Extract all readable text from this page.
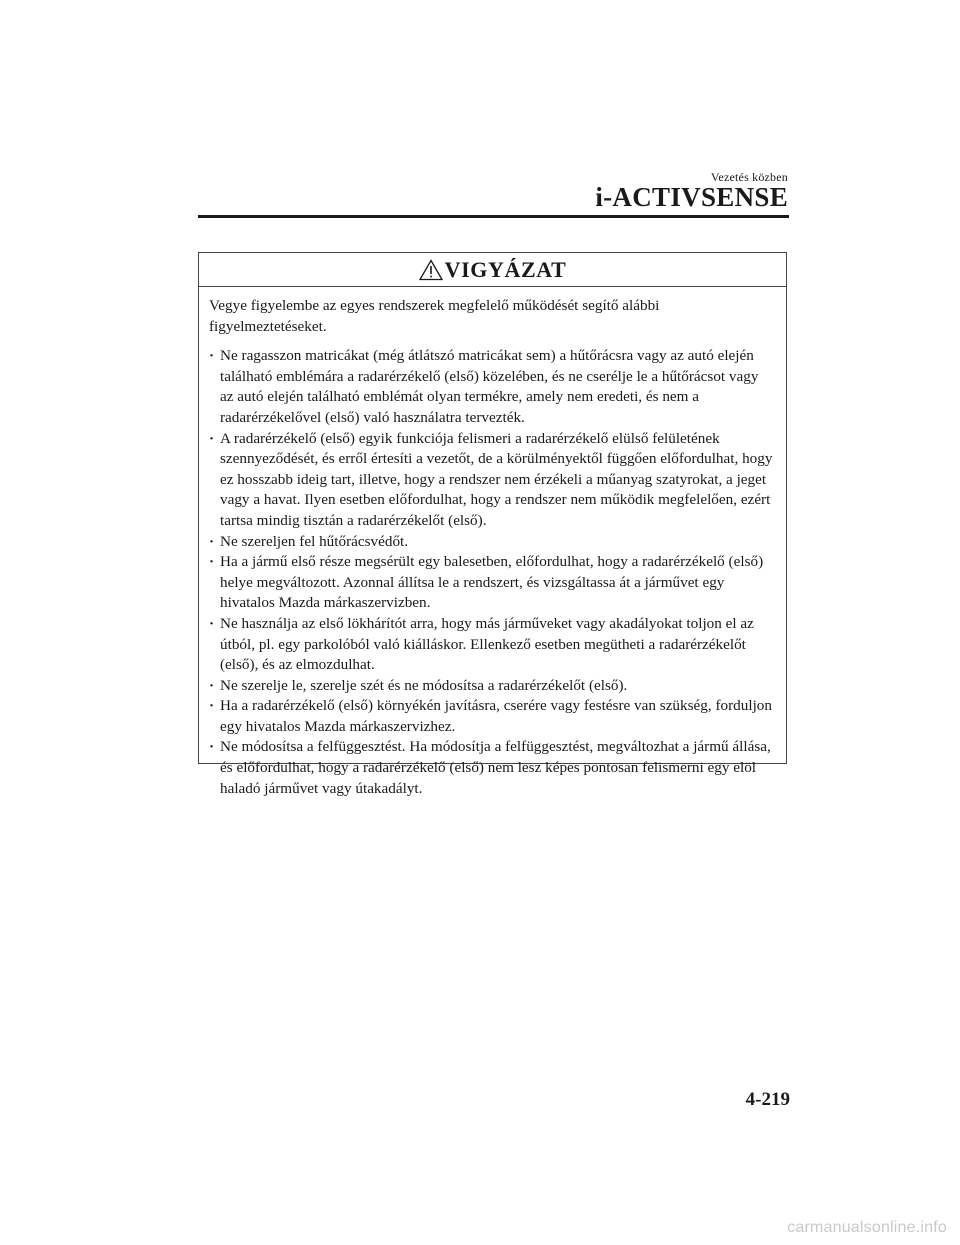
Vezetés közben
i-ACTIVSENSE
VIGYÁZAT

Vegye figyelembe az egyes rendszerek megfelelő működését segítő alábbi figyelmeztetéseket.

· Ne ragasszon matricákat (még átlátszó matricákat sem) a hűtőrácsra vagy az autó elején található emblémára a radarérzékelő (első) közelében, és ne cserélje le a hűtőrácsot vagy az autó elején található emblémát olyan termékre, amely nem eredeti, és nem a radarérzékelővel (első) való használatra tervezték.
· A radarérzékelő (első) egyik funkciója felismeri a radarérzékelő elülső felületének szennyeződését, és erről értesíti a vezetőt, de a körülményektől függően előfordulhat, hogy ez hosszabb ideig tart, illetve, hogy a rendszer nem érzékeli a műanyag szatyrokat, a jeget vagy a havat. Ilyen esetben előfordulhat, hogy a rendszer nem működik megfelelően, ezért tartsa mindig tisztán a radarérzékelőt (első).
· Ne szereljen fel hűtőrácsvédőt.
· Ha a jármű első része megsérült egy balesetben, előfordulhat, hogy a radarérzékelő (első) helye megváltozott. Azonnal állítsa le a rendszert, és vizsgáltassa át a járművet egy hivatalos Mazda márkaszervizben.
· Ne használja az első lökhárítót arra, hogy más járműveket vagy akadályokat toljon el az útból, pl. egy parkolóból való kiálláskor. Ellenkező esetben megütheti a radarérzékelőt (első), és az elmozdulhat.
· Ne szerelje le, szerelje szét és ne módosítsa a radarérzékelőt (első).
· Ha a radarérzékelő (első) környékén javításra, cserére vagy festésre van szükség, forduljon egy hivatalos Mazda márkaszervizhez.
· Ne módosítsa a felfüggesztést. Ha módosítja a felfüggesztést, megváltozhat a jármű állása, és előfordulhat, hogy a radarérzékelő (első) nem lesz képes pontosan felismerni egy elöl haladó járművet vagy útakadályt.
4-219
carmanualsonline.info
